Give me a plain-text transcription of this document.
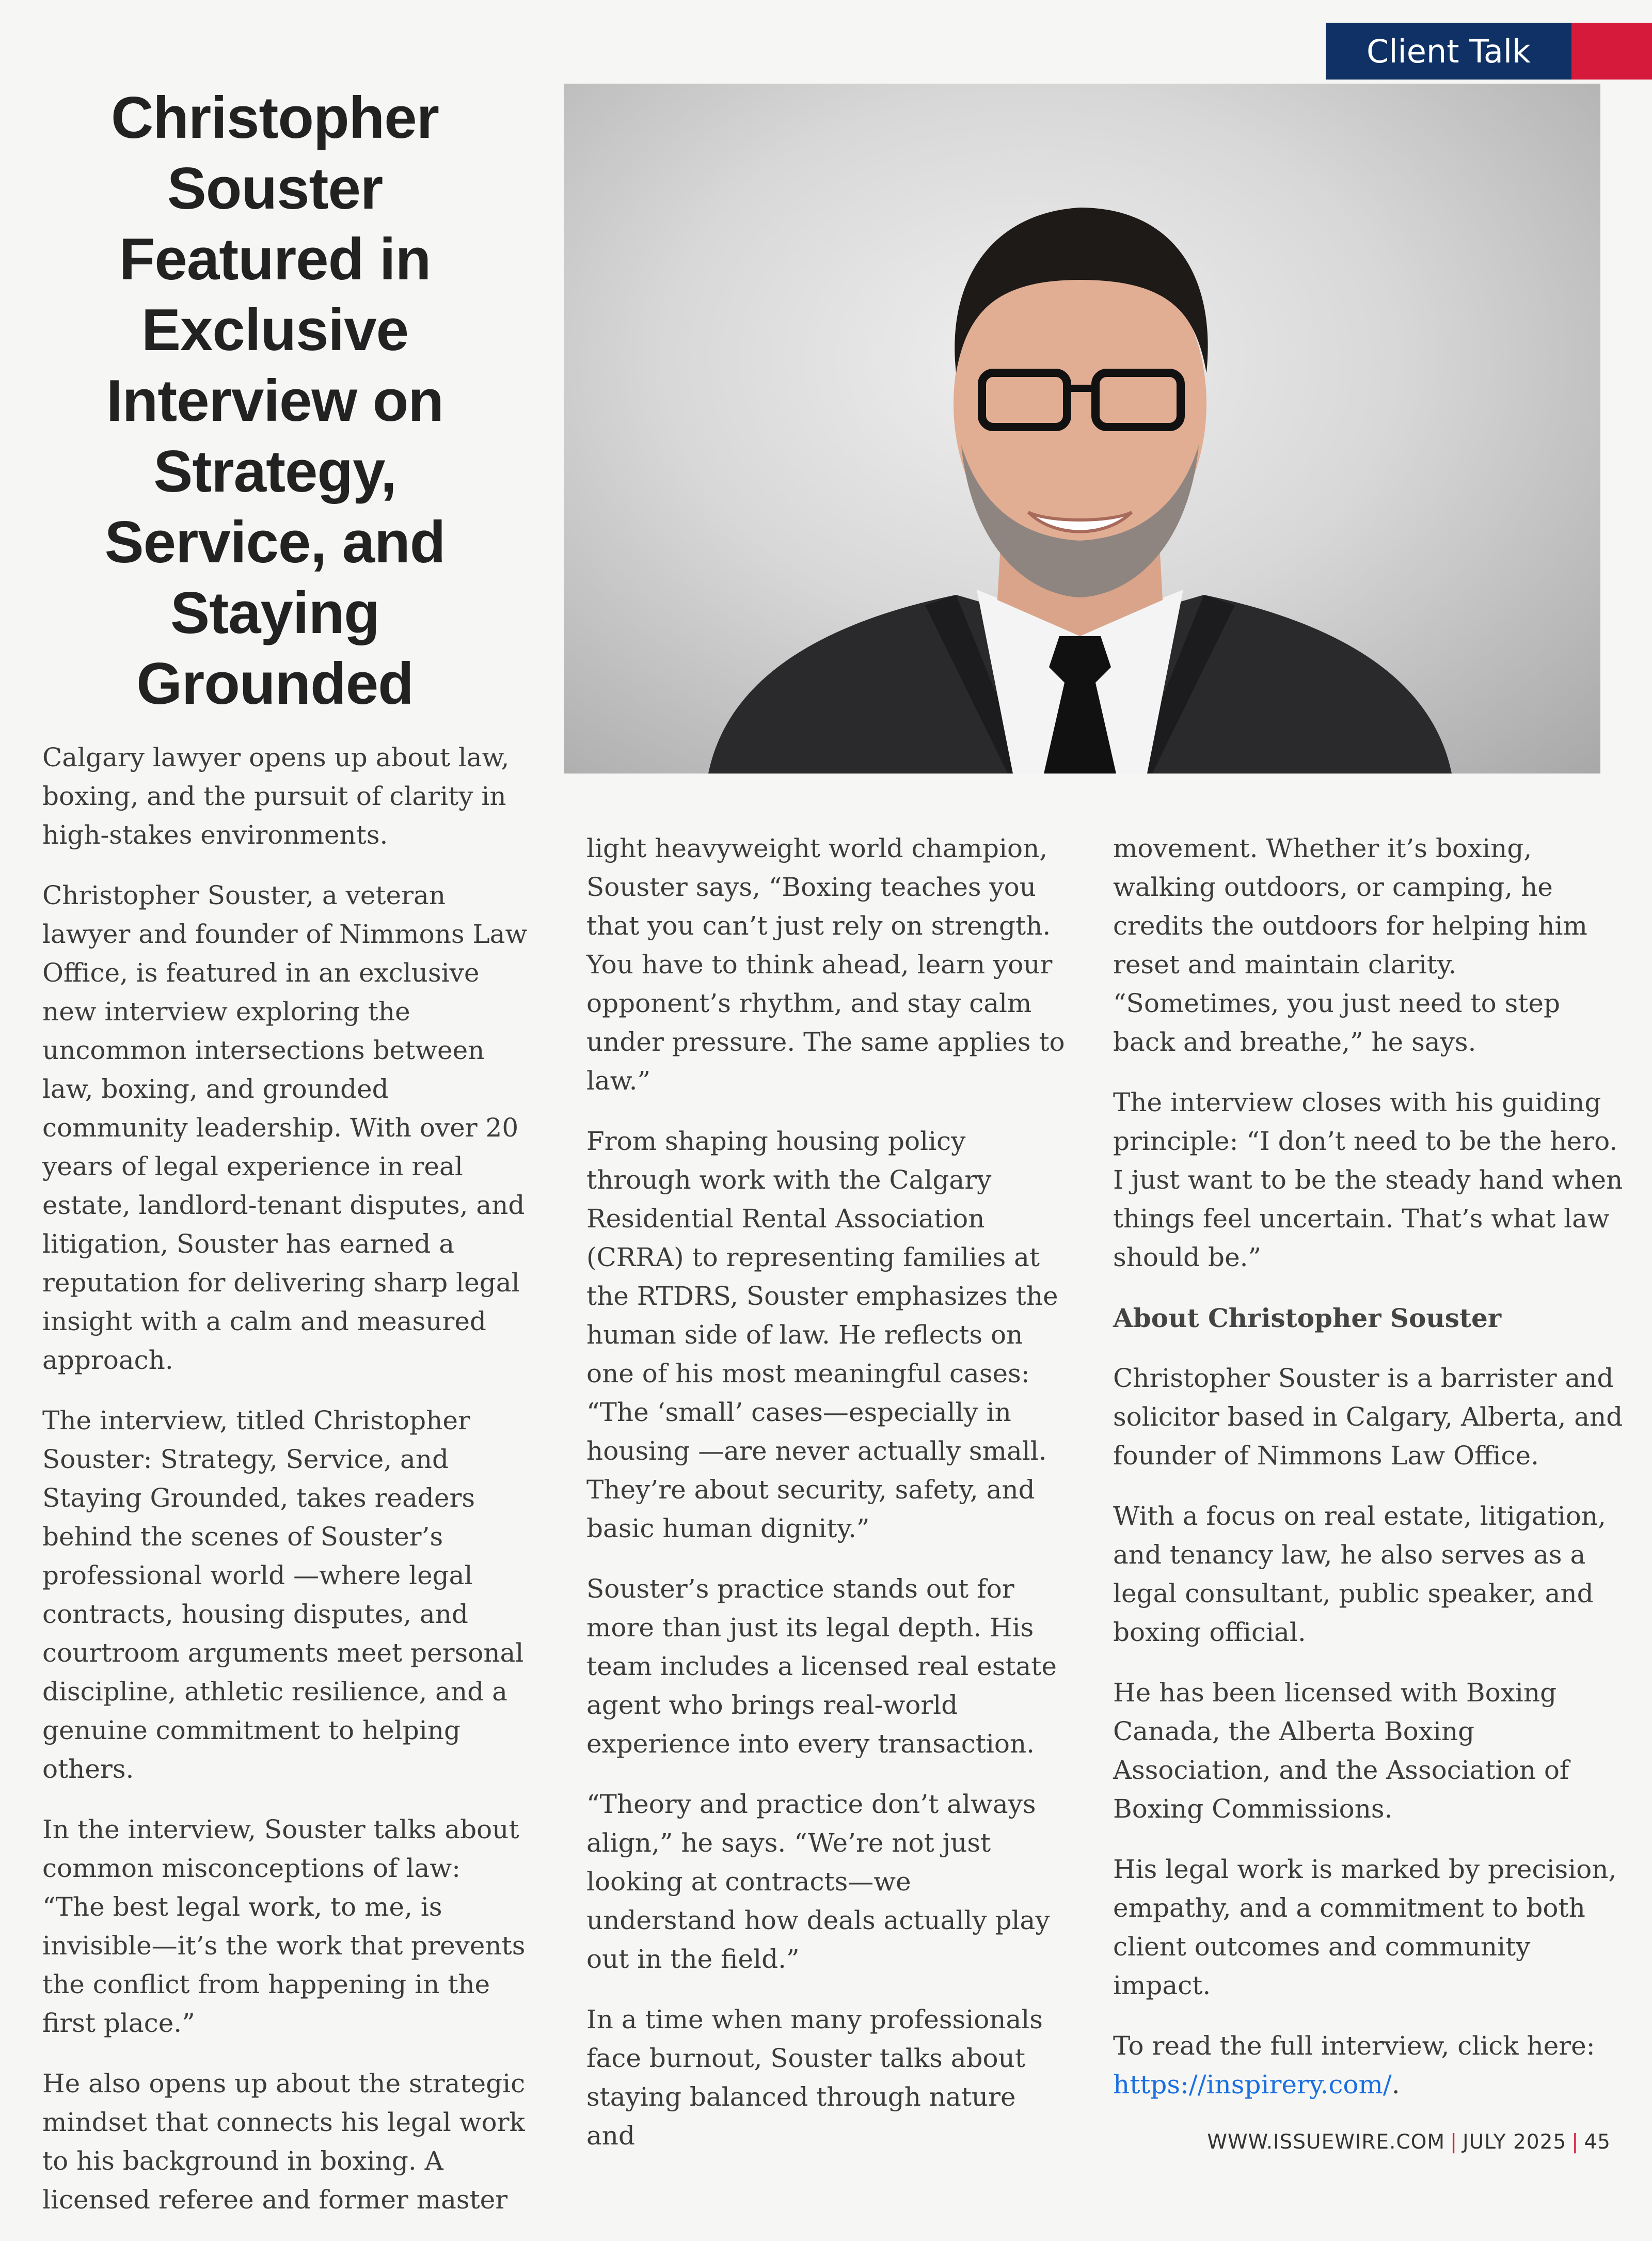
Client Talk
Christopher Souster Featured in Exclusive Interview on Strategy, Service, and Staying Grounded

Calgary lawyer opens up about law, boxing, and the pursuit of clarity in high-stakes environments.

Christopher Souster, a veteran lawyer and founder of Nimmons Law Office, is featured in an exclusive new interview exploring the uncommon intersections between law, boxing, and grounded community leadership. With over 20 years of legal experience in real estate, landlord-tenant disputes, and litigation, Souster has earned a reputation for delivering sharp legal insight with a calm and measured approach.

The interview, titled Christopher Souster: Strategy, Service, and Staying Grounded, takes readers behind the scenes of Souster’s professional world —where legal contracts, housing disputes, and courtroom arguments meet personal discipline, athletic resilience, and a genuine commitment to helping others.

In the interview, Souster talks about common misconceptions of law: “The best legal work, to me, is invisible—it’s the work that prevents the conflict from happening in the first place.”

He also opens up about the strategic mindset that connects his legal work to his background in boxing. A licensed referee and former master

light heavyweight world champion, Souster says, “Boxing teaches you that you can’t just rely on strength. You have to think ahead, learn your opponent’s rhythm, and stay calm under pressure. The same applies to law.”

From shaping housing policy through work with the Calgary Residential Rental Association (CRRA) to representing families at the RTDRS, Souster emphasizes the human side of law. He reflects on one of his most meaningful cases: “The ‘small’ cases—especially in housing —are never actually small. They’re about security, safety, and basic human dignity.”

Souster’s practice stands out for more than just its legal depth. His team includes a licensed real estate agent who brings real-world experience into every transaction.

“Theory and practice don’t always align,” he says. “We’re not just looking at contracts—we understand how deals actually play out in the field.”

In a time when many professionals face burnout, Souster talks about staying balanced through nature and

movement. Whether it’s boxing, walking outdoors, or camping, he credits the outdoors for helping him reset and maintain clarity. “Sometimes, you just need to step back and breathe,” he says.

The interview closes with his guiding principle: “I don’t need to be the hero. I just want to be the steady hand when things feel uncertain. That’s what law should be.”

About Christopher Souster

Christopher Souster is a barrister and solicitor based in Calgary, Alberta, and founder of Nimmons Law Office.

With a focus on real estate, litigation, and tenancy law, he also serves as a legal consultant, public speaker, and boxing official.

He has been licensed with Boxing Canada, the Alberta Boxing Association, and the Association of Boxing Commissions.

His legal work is marked by precision, empathy, and a commitment to both client outcomes and community impact.

To read the full interview, click here:
https://inspirery.com/.

WWW.ISSUEWIRE.COM | JULY 2025 | 45
